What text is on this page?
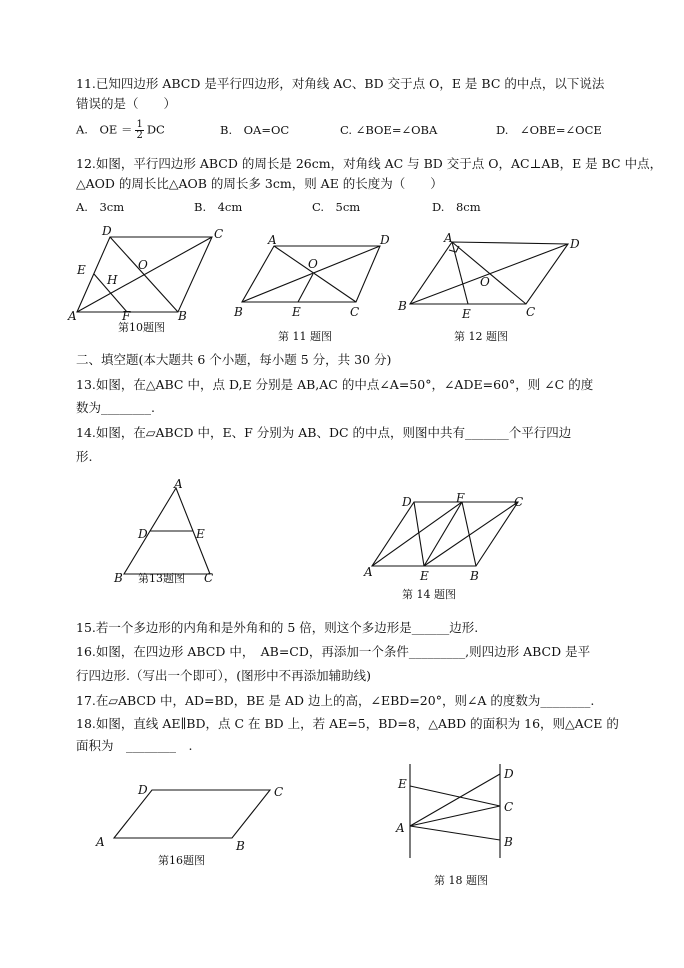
11.已知四边形 ABCD 是平行四边形，对角线 AC、BD 交于点 O，E 是 BC 的中点，以下说法
错误的是（　　）
A.　OE ＝ $\frac{1}{2}$ DC	B.　OA=OC	C. ∠BOE=∠OBA	D.　∠OBE=∠OCE
12.如图，平行四边形 ABCD 的周长是 26cm，对角线 AC 与 BD 交于点 O，AC⊥AB，E 是 BC 中点，
△AOD 的周长比△AOB 的周长多 3cm，则 AE 的长度为（　　）
A.　3cm	B.　4cm	C.　5cm	D.　8cm
D	C
E	O
H
A	F	B
第10题图
A	D
O
B	E	C
第 11 题图
A	D
O
B
E	C
第 12 题图
二、填空题(本大题共 6 个小题，每小题 5 分，共 30 分)
13.如图，在△ABC 中，点 D,E 分别是 AB,AC 的中点∠A=50°，∠ADE=60°，则 ∠C 的度
数为________.
14.如图，在▱ABCD 中，E、F 分别为 AB、DC 的中点，则图中共有_______个平行四边
形.
A
D	E
B	C
第13题图
D	F	C
A	E	B
第 14 题图
15.若一个多边形的内角和是外角和的 5 倍，则这个多边形是______边形.
16.如图，在四边形 ABCD 中，　AB=CD，再添加一个条件_________,则四边形 ABCD 是平
行四边形.（写出一个即可），(图形中不再添加辅助线)
17.在▱ABCD 中，AD=BD，BE 是 AD 边上的高，∠EBD=20°，则∠A 的度数为________.
18.如图，直线 AE∥BD，点 C 在 BD 上，若 AE=5，BD=8，△ABD 的面积为 16，则△ACE 的
面积为　________　.
D	C
A	B
第16题图
E
D
C
A
B
第 18 题图
